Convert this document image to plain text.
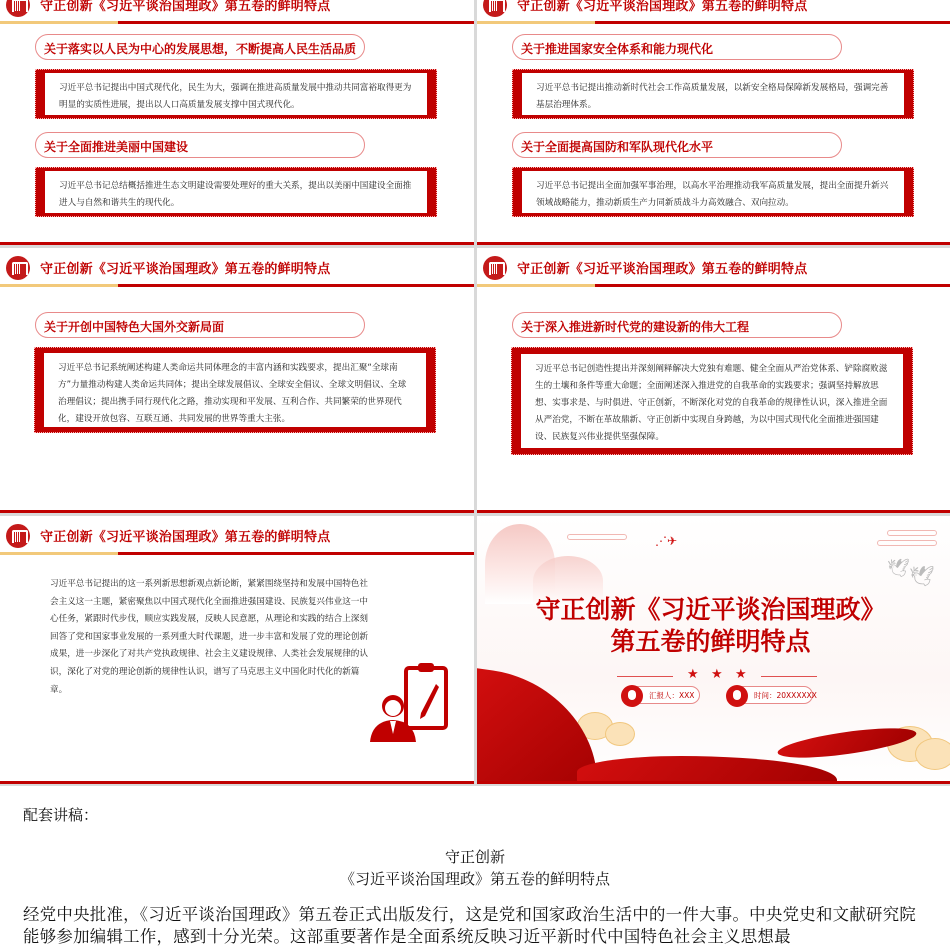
守正创新《习近平谈治国理政》第五卷的鲜明特点
关于落实以人民为中心的发展思想，不断提高人民生活品质

习近平总书记提出中国式现代化，民生为大，强调在推进高质量发展中推动共同富裕取得更为明显的实质性进展，提出以人口高质量发展支撑中国式现代化。

关于全面推进美丽中国建设

习近平总书记总结概括推进生态文明建设需要处理好的重大关系，提出以美丽中国建设全面推进人与自然和谐共生的现代化。

守正创新《习近平谈治国理政》第五卷的鲜明特点
关于推进国家安全体系和能力现代化

习近平总书记提出推动新时代社会工作高质量发展，以新安全格局保障新发展格局，强调完善基层治理体系。

关于全面提高国防和军队现代化水平

习近平总书记提出全面加强军事治理，以高水平治理推动我军高质量发展，提出全面提升新兴领域战略能力，推动新质生产力同新质战斗力高效融合、双向拉动。

守正创新《习近平谈治国理政》第五卷的鲜明特点
关于开创中国特色大国外交新局面

习近平总书记系统阐述构建人类命运共同体理念的丰富内涵和实践要求，提出汇聚“全球南方”力量推动构建人类命运共同体；提出全球发展倡议、全球安全倡议、全球文明倡议、全球治理倡议；提出携手同行现代化之路，推动实现和平发展、互利合作、共同繁荣的世界现代化，建设开放包容、互联互通、共同发展的世界等重大主张。

守正创新《习近平谈治国理政》第五卷的鲜明特点
关于深入推进新时代党的建设新的伟大工程

习近平总书记创造性提出并深刻阐释解决大党独有难题、健全全面从严治党体系、铲除腐败滋生的土壤和条件等重大命题；全面阐述深入推进党的自我革命的实践要求；强调坚持解放思想、实事求是、与时俱进、守正创新，不断深化对党的自我革命的规律性认识，深入推进全面从严治党，不断在革故鼎新、守正创新中实现自身跨越，为以中国式现代化全面推进强国建设、民族复兴伟业提供坚强保障。

守正创新《习近平谈治国理政》第五卷的鲜明特点

习近平总书记提出的这一系列新思想新观点新论断，紧紧围绕坚持和发展中国特色社会主义这一主题，紧密聚焦以中国式现代化全面推进强国建设、民族复兴伟业这一中心任务，紧跟时代步伐，顺应实践发展，反映人民意愿，从理论和实践的结合上深刻回答了党和国家事业发展的一系列重大时代课题，进一步丰富和发展了党的理论创新成果，进一步深化了对共产党执政规律、社会主义建设规律、人类社会发展规律的认识，深化了对党的理论创新的规律性认识，谱写了马克思主义中国化时代化的新篇章。

⋰✈
🕊 🕊
守正创新《习近平谈治国理政》
第五卷的鲜明特点
★ ★ ★
汇报人：XXX	时间：20XXXXXX
配套讲稿：
守正创新
《习近平谈治国理政》第五卷的鲜明特点

经党中央批准，《习近平谈治国理政》第五卷正式出版发行，这是党和国家政治生活中的一件大事。中央党史和文献研究院能够参加编辑工作，感到十分光荣。这部重要著作是全面系统反映习近平新时代中国特色社会主义思想最
